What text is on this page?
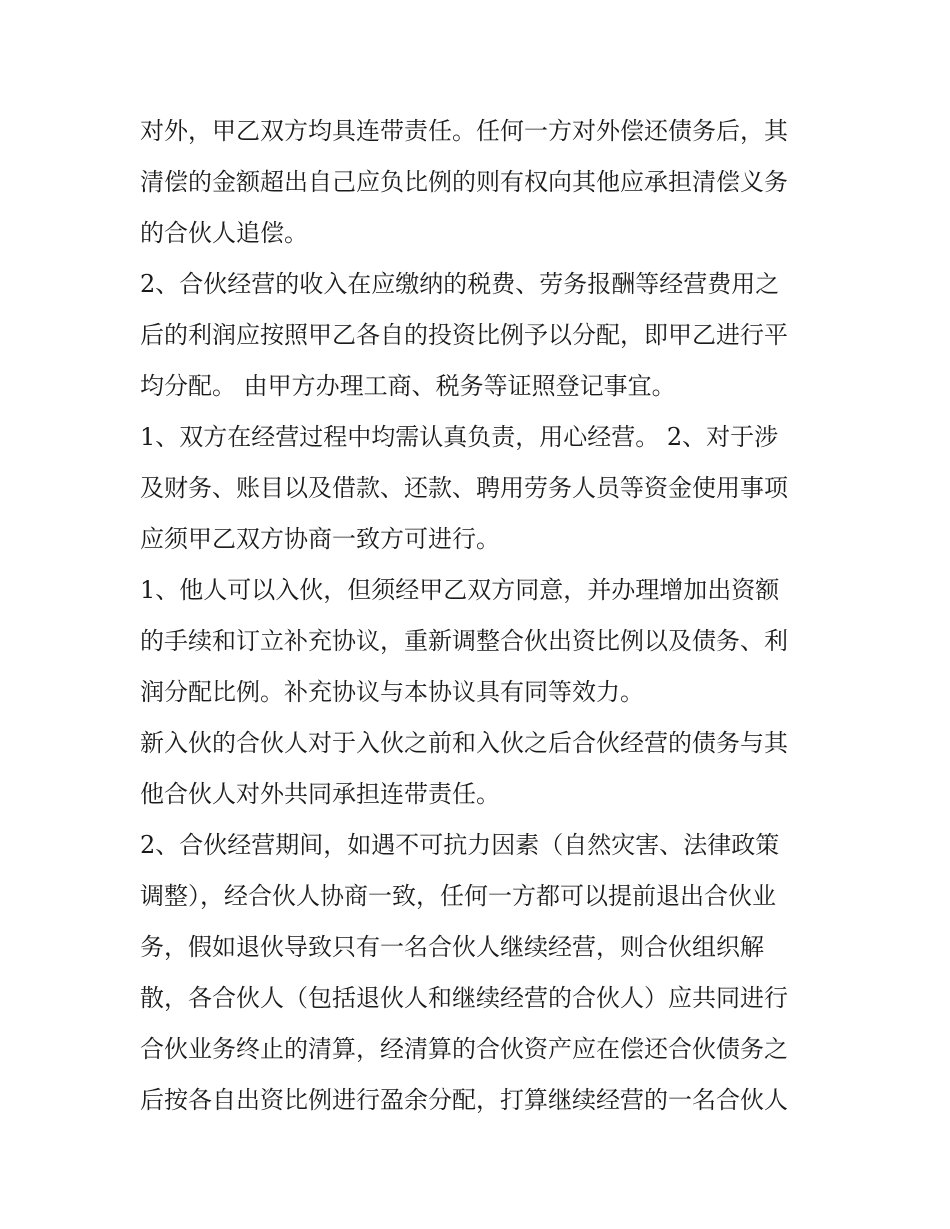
对外，甲乙双方均具连带责任。任何一方对外偿还债务后，其
清偿的金额超出自己应负比例的则有权向其他应承担清偿义务
的合伙人追偿。
2、合伙经营的收入在应缴纳的税费、劳务报酬等经营费用之
后的利润应按照甲乙各自的投资比例予以分配，即甲乙进行平
均分配。 由甲方办理工商、税务等证照登记事宜。
1、双方在经营过程中均需认真负责，用心经营。 2、对于涉
及财务、账目以及借款、还款、聘用劳务人员等资金使用事项
应须甲乙双方协商一致方可进行。
1、他人可以入伙，但须经甲乙双方同意，并办理增加出资额
的手续和订立补充协议，重新调整合伙出资比例以及债务、利
润分配比例。补充协议与本协议具有同等效力。
新入伙的合伙人对于入伙之前和入伙之后合伙经营的债务与其
他合伙人对外共同承担连带责任。
2、合伙经营期间，如遇不可抗力因素（自然灾害、法律政策
调整），经合伙人协商一致，任何一方都可以提前退出合伙业
务，假如退伙导致只有一名合伙人继续经营，则合伙组织解
散，各合伙人（包括退伙人和继续经营的合伙人）应共同进行
合伙业务终止的清算，经清算的合伙资产应在偿还合伙债务之
后按各自出资比例进行盈余分配，打算继续经营的一名合伙人
